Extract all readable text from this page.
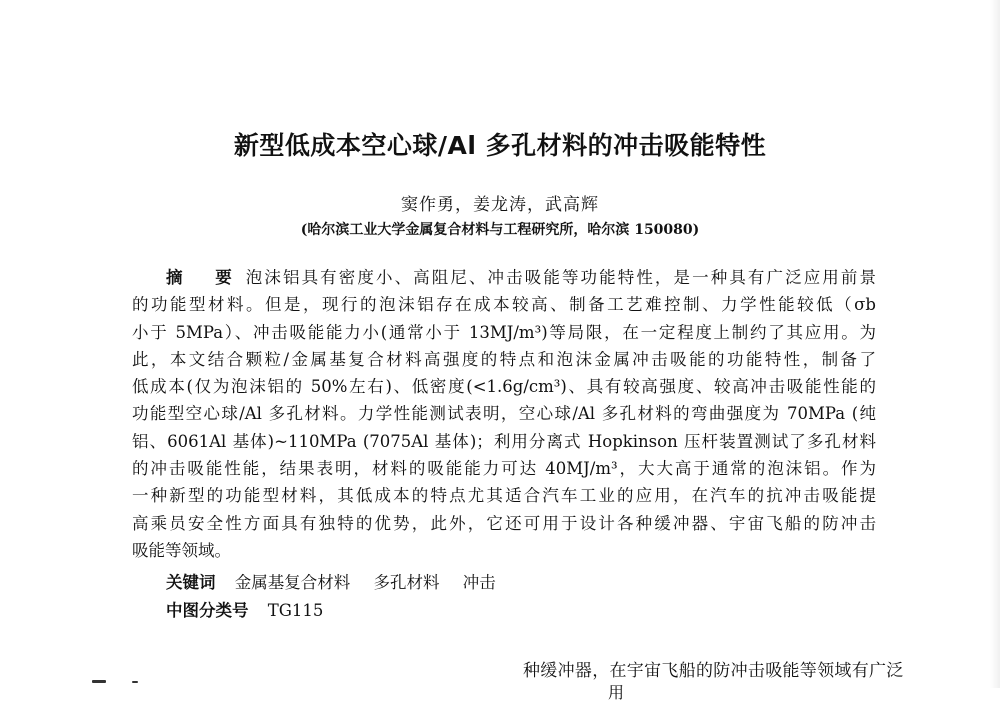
新型低成本空心球/Al 多孔材料的冲击吸能特性
窦作勇，姜龙涛，武高辉
(哈尔滨工业大学金属复合材料与工程研究所，哈尔滨 150080)
摘　要 泡沫铝具有密度小、高阻尼、冲击吸能等功能特性，是一种具有广泛应用前景
的功能型材料。但是，现行的泡沫铝存在成本较高、制备工艺难控制、力学性能较低（σb
小于 5MPa）、冲击吸能能力小(通常小于 13MJ/m³)等局限，在一定程度上制约了其应用。为
此，本文结合颗粒/金属基复合材料高强度的特点和泡沫金属冲击吸能的功能特性，制备了
低成本(仅为泡沫铝的 50%左右)、低密度(<1.6g/cm³)、具有较高强度、较高冲击吸能性能的
功能型空心球/Al 多孔材料。力学性能测试表明，空心球/Al 多孔材料的弯曲强度为 70MPa (纯
铝、6061Al 基体)~110MPa (7075Al 基体)；利用分离式 Hopkinson 压杆装置测试了多孔材料
的冲击吸能性能，结果表明，材料的吸能能力可达 40MJ/m³，大大高于通常的泡沫铝。作为
一种新型的功能型材料，其低成本的特点尤其适合汽车工业的应用，在汽车的抗冲击吸能提
高乘员安全性方面具有独特的优势，此外，它还可用于设计各种缓冲器、宇宙飞船的防冲击
吸能等领域。
关键词 金属基复合材料 多孔材料 冲击
中图分类号 TG115
种缓冲器，在宇宙飞船的防冲击吸能等领域有广泛
用
